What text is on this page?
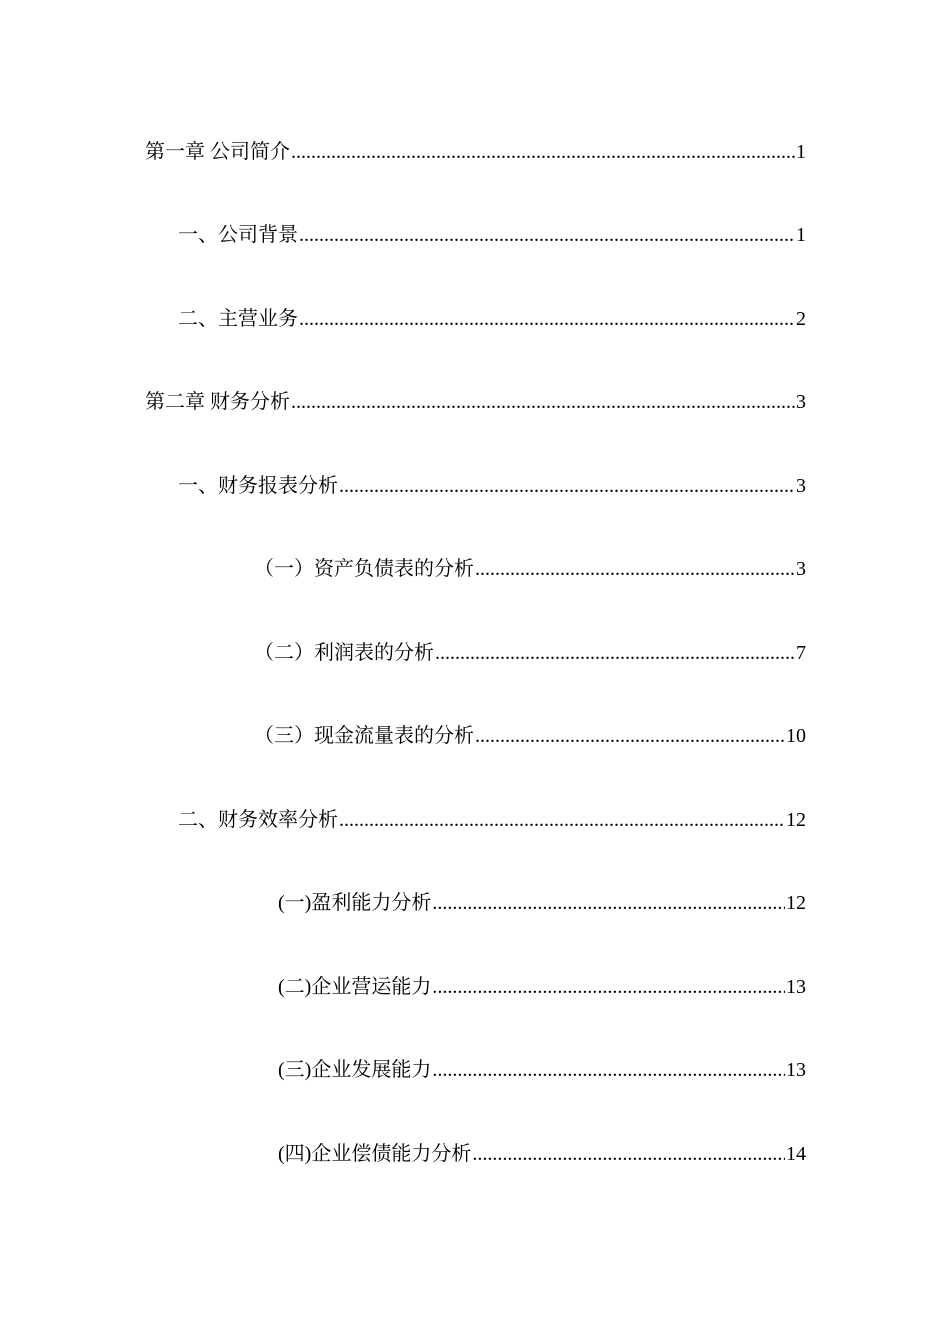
第一章 公司简介 .....	1
一、公司背景 .....	1
二、主营业务 .....	2
第二章 财务分析 .....	3
一、财务报表分析 .....	3
（一）资产负债表的分析 .....	3
（二）利润表的分析 .....	7
（三）现金流量表的分析 .....	10
二、财务效率分析 .....	12
(一)盈利能力分析 .....	12
(二)企业营运能力 .....	13
(三)企业发展能力 .....	13
(四)企业偿债能力分析 .....	14
